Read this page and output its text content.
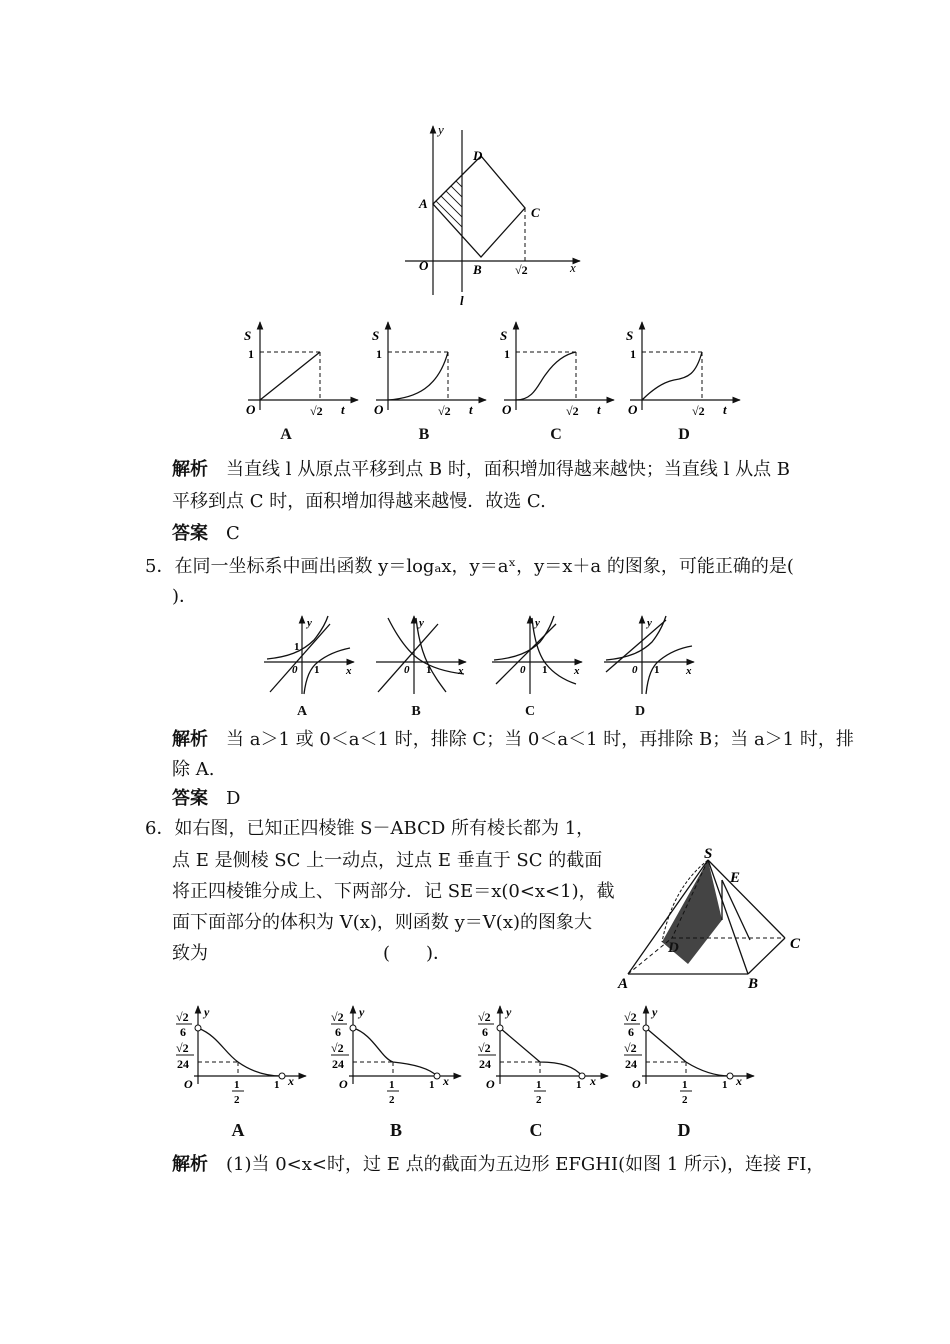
y
x
O
A
B
C
D
l
√2
S
t
O
1
√2
S
t
O
1
√2
S
t
O
1
√2
S
t
O
1
√2
A	B	C	D
解析　 当直线 l 从原点平移到点 B 时，面积增加得越来越快；当直线 l 从点 B
平移到点 C 时，面积增加得越来越慢．故选 C.
答案　 C
5．在同一坐标系中画出函数 y＝logₐx，y＝aˣ，y＝x＋a 的图象，可能正确的是(
)．
y
x
0
1
1
y
x
0 1
y
x
0 1
y
x
0 1
A	B	C	D
解析　 当 a＞1 或 0＜a＜1 时，排除 C；当 0＜a＜1 时，再排除 B；当 a＞1 时，排
除 A.
答案　 D
6．如右图，已知正四棱锥 S－ABCD 所有棱长都为 1，
点 E 是侧棱 SC 上一动点，过点 E 垂直于 SC 的截面
将正四棱锥分成上、下两部分．记 SE＝x(0<x<1)，截
面下面部分的体积为 V(x)，则函数 y＝V(x)的图象大
致为	(　　)．
S
E
D	C
A	B
√2
6
√2
24
y
x
O	1
2
1
√2
6
√2
24
y
x
O	1
2
1
√2
6
√2
24
y
x
O	1
2
1
√2
6
√2
24
y
x
O	1
2
1
A	B	C	D
解析　 (1)当 0<x<时，过 E 点的截面为五边形 EFGHI(如图 1 所示)，连接 FI，
